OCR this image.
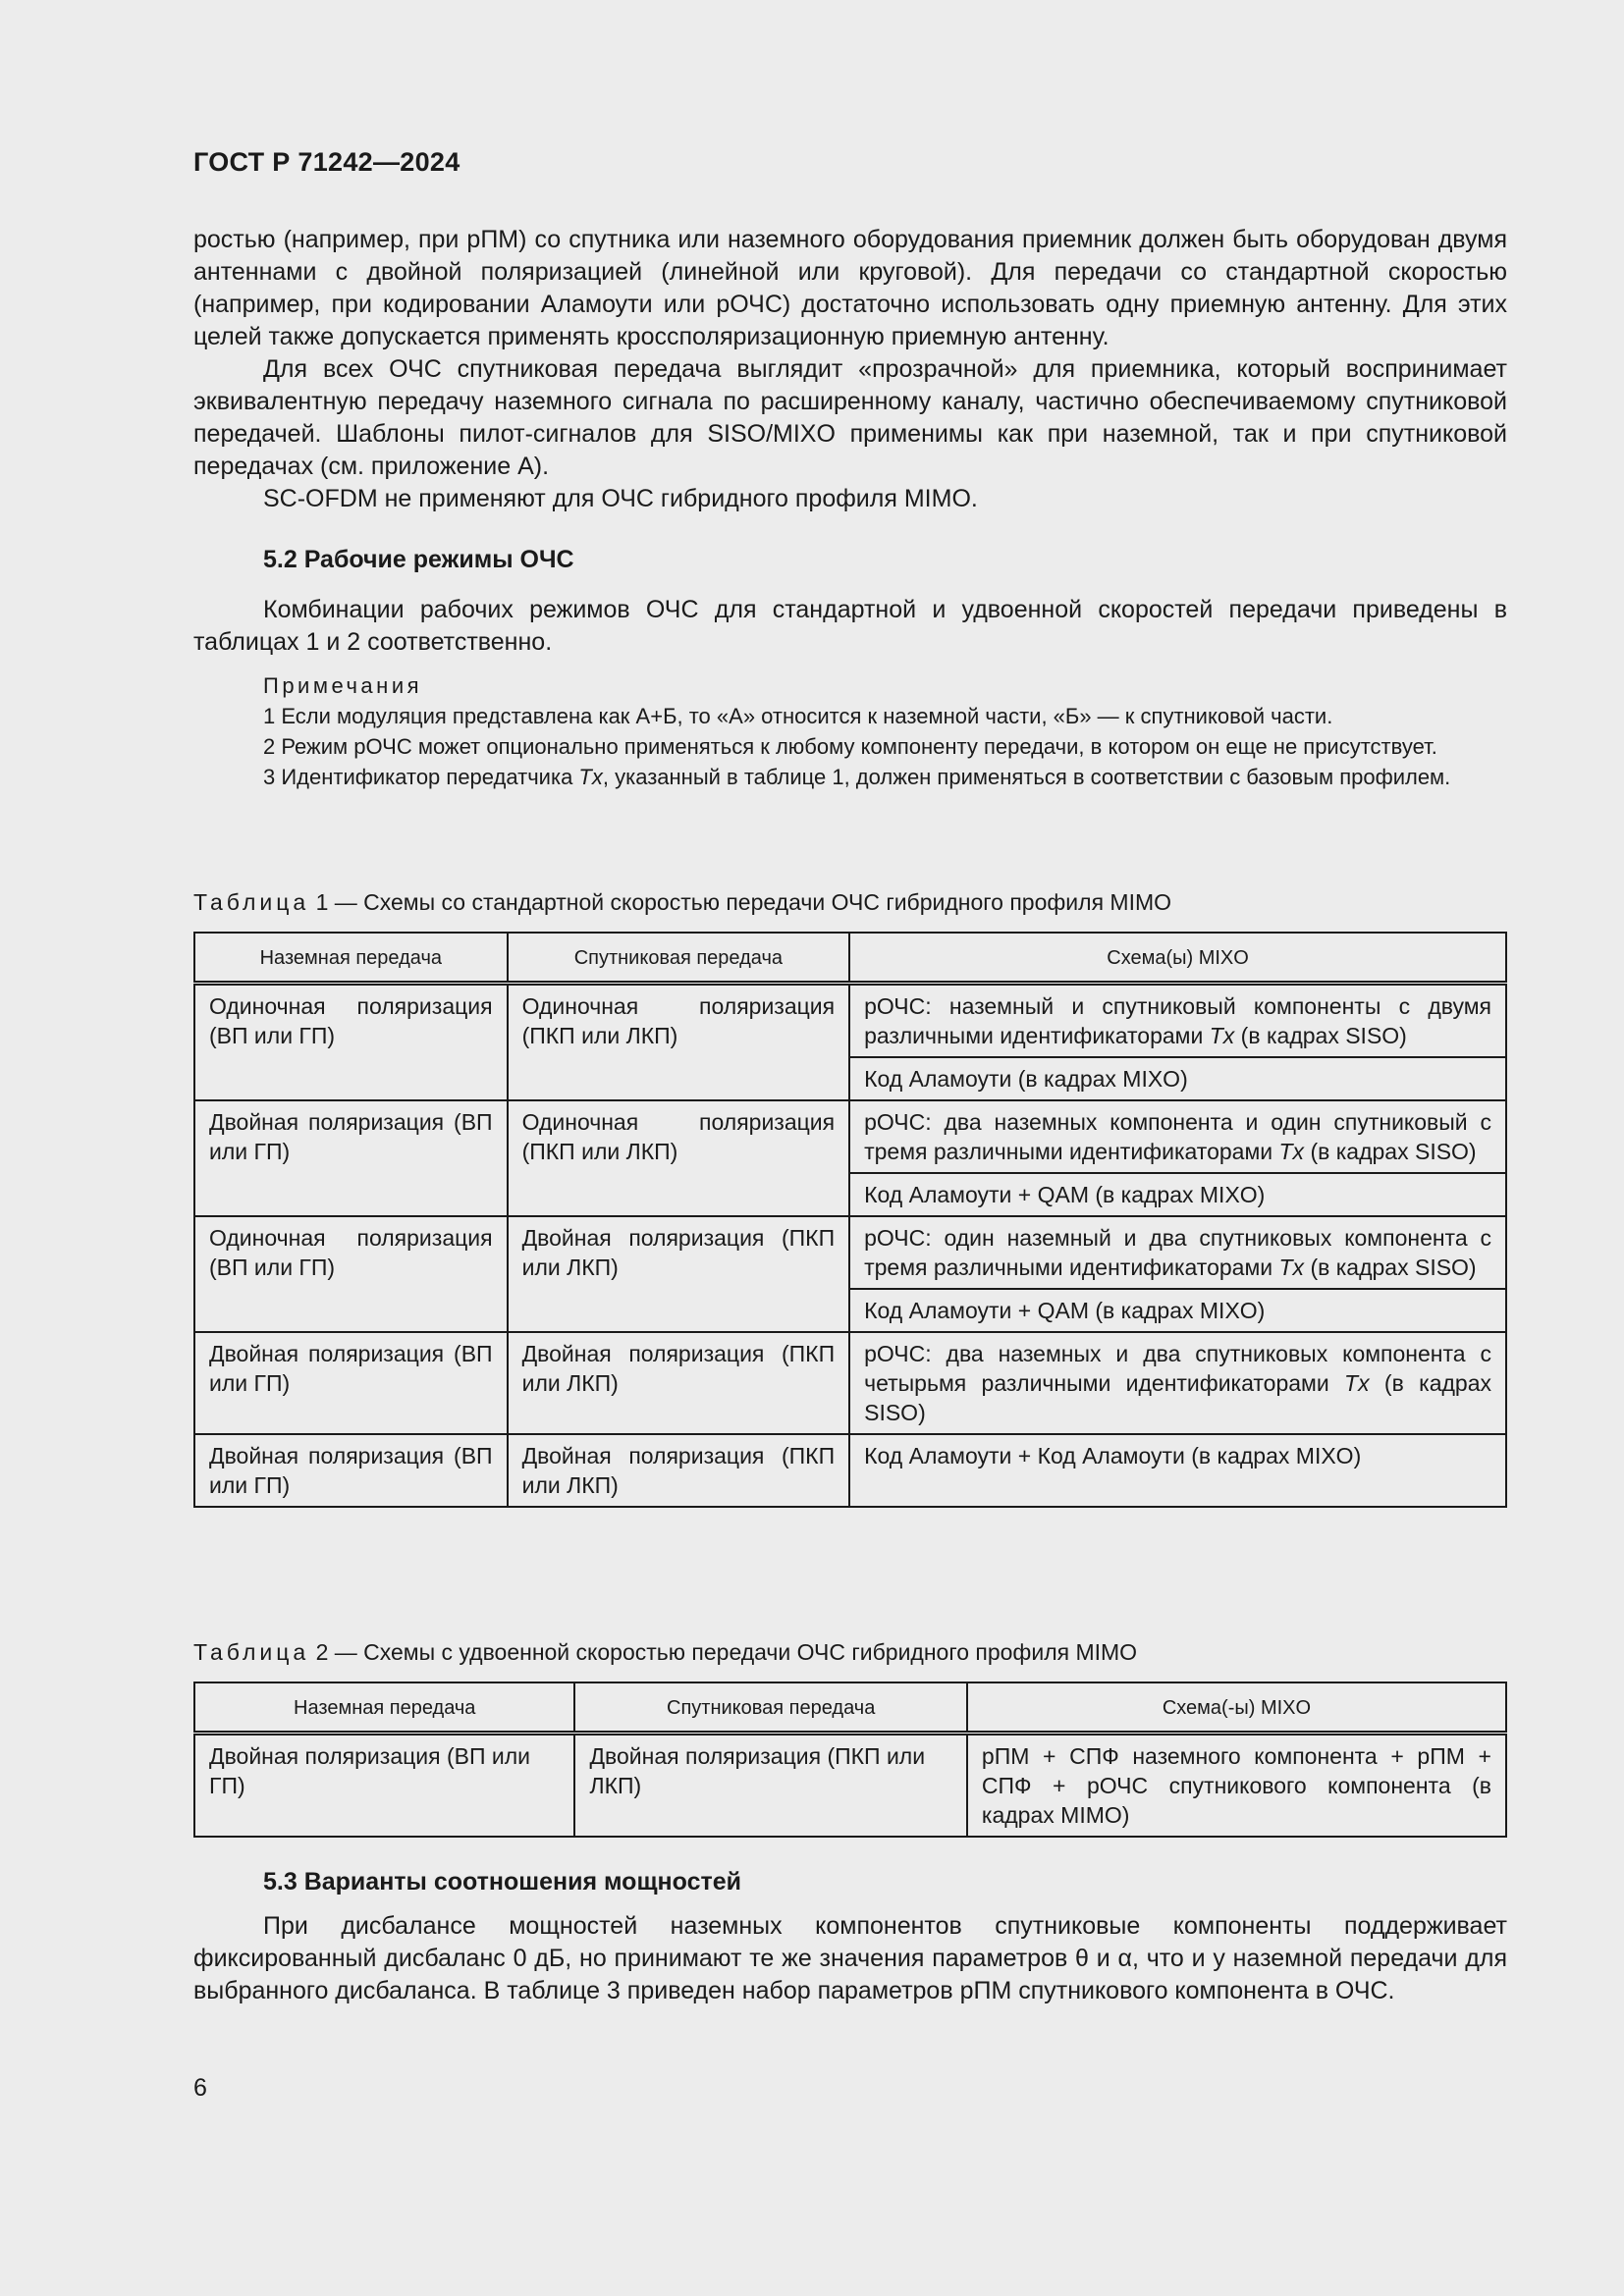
ГОСТ Р 71242—2024

ростью (например, при рПМ) со спутника или наземного оборудования приемник должен быть оборудован двумя антеннами с двойной поляризацией (линейной или круговой). Для передачи со стандартной скоростью (например, при кодировании Аламоути или рОЧС) достаточно использовать одну приемную антенну. Для этих целей также допускается применять кроссполяризационную приемную антенну.

Для всех ОЧС спутниковая передача выглядит «прозрачной» для приемника, который воспринимает эквивалентную передачу наземного сигнала по расширенному каналу, частично обеспечиваемому спутниковой передачей. Шаблоны пилот-сигналов для SISO/MIXO применимы как при наземной, так и при спутниковой передачах (см. приложение А).

SC-OFDM не применяют для ОЧС гибридного профиля MIMO.

5.2 Рабочие режимы ОЧС

Комбинации рабочих режимов ОЧС для стандартной и удвоенной скоростей передачи приведены в таблицах 1 и 2 соответственно.

Примечания

1 Если модуляция представлена как А+Б, то «А» относится к наземной части, «Б» — к спутниковой части.

2 Режим рОЧС может опционально применяться к любому компоненту передачи, в котором он еще не присутствует.

3 Идентификатор передатчика Tx, указанный в таблице 1, должен применяться в соответствии с базовым профилем.

Таблица 1 — Схемы со стандартной скоростью передачи ОЧС гибридного профиля MIMO

Наземная передача	Спутниковая передача	Схема(ы) MIXO
Одиночная поляризация (ВП или ГП)	Одиночная поляризация (ПКП или ЛКП)	рОЧС: наземный и спутниковый компоненты с двумя различными идентификаторами Tx (в кадрах SISO)
		Код Аламоути (в кадрах MIXO)
Двойная поляризация (ВП или ГП)	Одиночная поляризация (ПКП или ЛКП)	рОЧС: два наземных компонента и один спутниковый с тремя различными идентификаторами Tx (в кадрах SISO)
		Код Аламоути + QAM (в кадрах MIXO)
Одиночная поляризация (ВП или ГП)	Двойная поляризация (ПКП или ЛКП)	рОЧС: один наземный и два спутниковых компонента с тремя различными идентификаторами Tx (в кадрах SISO)
		Код Аламоути + QAM (в кадрах MIXO)
Двойная поляризация (ВП или ГП)	Двойная поляризация (ПКП или ЛКП)	рОЧС: два наземных и два спутниковых компонента с четырьмя различными идентификаторами Tx (в кадрах SISO)
Двойная поляризация (ВП или ГП)	Двойная поляризация (ПКП или ЛКП)	Код Аламоути + Код Аламоути (в кадрах MIXO)

Таблица 2 — Схемы с удвоенной скоростью передачи ОЧС гибридного профиля MIMO

Наземная передача	Спутниковая передача	Схема(-ы) MIXO
Двойная поляризация (ВП или ГП)	Двойная поляризация (ПКП или ЛКП)	рПМ + СПФ наземного компонента + рПМ + СПФ + рОЧС спутникового компонента (в кадрах MIMO)
5.3 Варианты соотношения мощностей

При дисбалансе мощностей наземных компонентов спутниковые компоненты поддерживает фиксированный дисбаланс 0 дБ, но принимают те же значения параметров θ и α, что и у наземной передачи для выбранного дисбаланса. В таблице 3 приведен набор параметров рПМ спутникового компонента в ОЧС.

6
